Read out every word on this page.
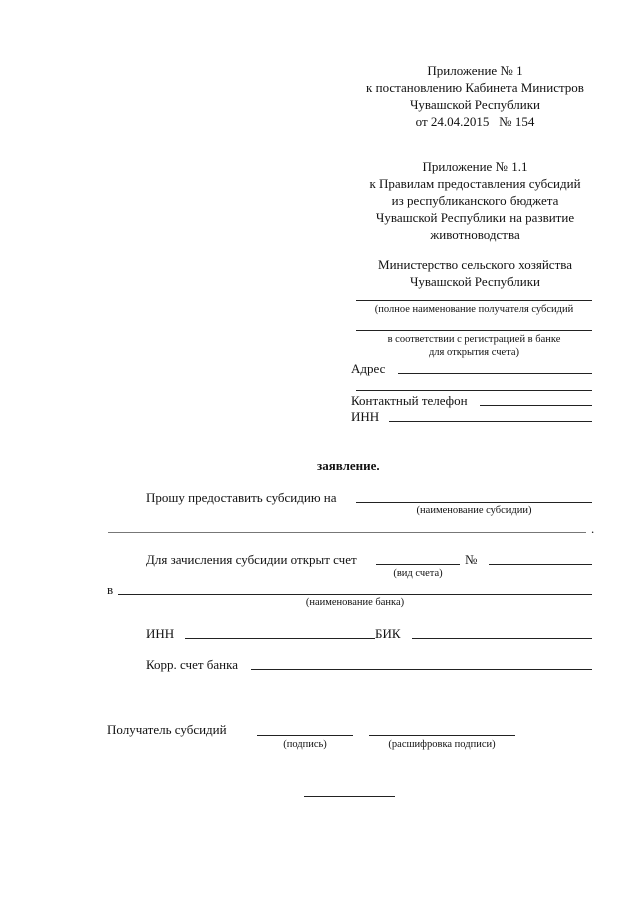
Приложение № 1
к постановлению Кабинета Министров
Чувашской Республики
от 24.04.2015   № 154
Приложение № 1.1
к Правилам предоставления субсидий
из республиканского бюджета
Чувашской Республики на развитие
животноводства
Министерство сельского хозяйства
Чувашской Республики
(полное наименование получателя субсидий
в соответствии с регистрацией в банке
для открытия счета)
Адрес
Контактный телефон
ИНН
заявление.
Прошу предоставить субсидию на
(наименование субсидии)
.
Для зачисления субсидии открыт счет	№
(вид счета)
в
(наименование банка)
ИНН	БИК
Корр. счет банка
Получатель субсидий
(подпись)	(расшифровка подписи)
